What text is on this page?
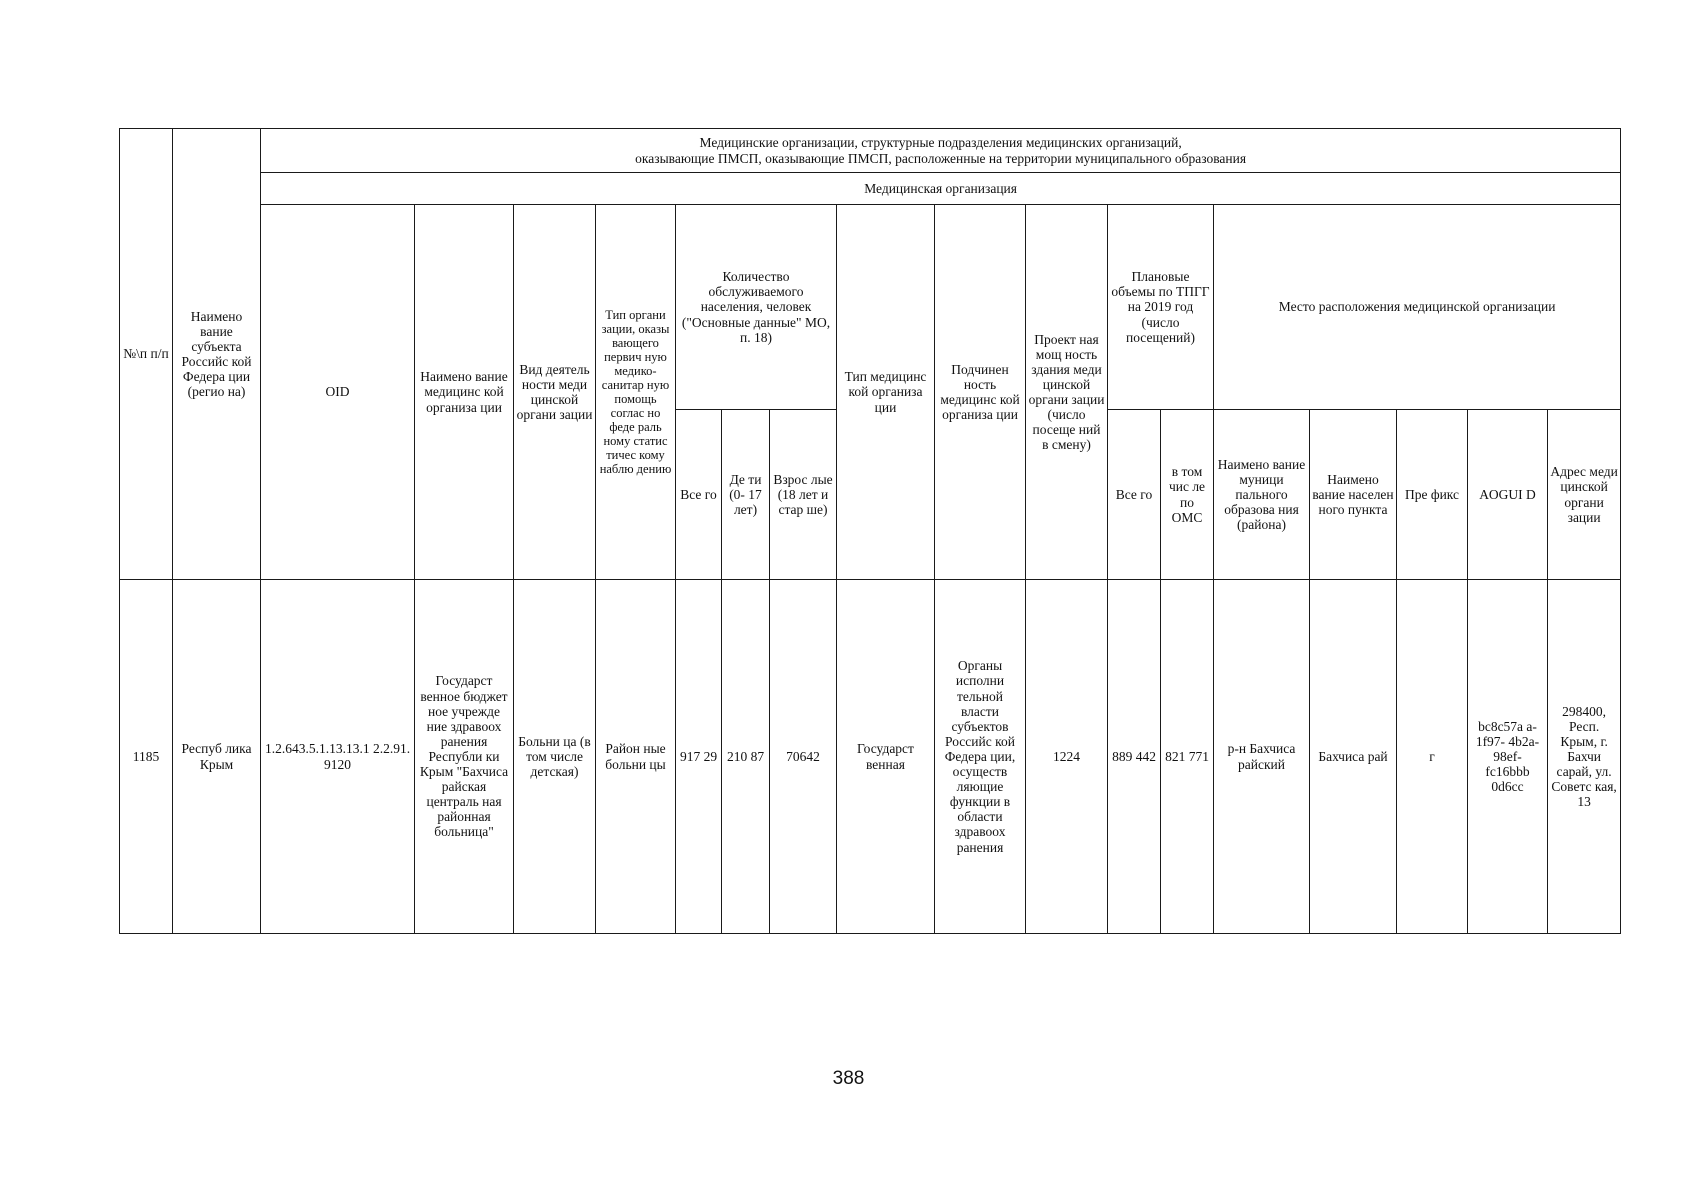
№\п п/п	Наимено вание субъекта Российс кой Федера ции (регио на)	Медицинские организации, структурные подразделения медицинских организаций,
оказывающие ПМСП, оказывающие ПМСП, расположенные на территории муниципального образования																

		Медицинская организация																
		OID	Наимено вание медицинс кой организа ции	Вид деятель ности меди цинской органи зации	Тип органи зации, оказы вающего первич ную медико- санитар ную помощь соглас но феде раль ному статис тичес кому наблю дению	Количество обслуживаемого населения, человек ("Основные данные" МО, п. 18)			Тип медицинс кой организа ции	Подчинен ность медицинс кой организа ции	Проект ная мощ ность здания меди цинской органи зации (число посеще ний в смену)	Плановые объемы по ТПГГ на 2019 год (число посещений)		Место расположения медицинской организации				
						Все го	Де ти (0- 17 лет)	Взрос лые (18 лет и стар ше)				Все го	в том чис ле по ОМС	Наимено вание муници пального образова ния (района)	Наимено вание населен ного пункта	Пре фикс	AOGUI D	Адрес меди цинской органи зации
1185	Респуб лика Крым	1.2.643.5.1.13.13.1 2.2.91.9120	Государст венное бюджет ное учрежде ние здравоох ранения Республи ки Крым "Бахчиса райская централь ная районная больница"	Больни ца (в том числе детская)	Район ные больни цы	917 29	210 87	70642	Государст венная	Органы исполни тельной власти субъектов Российс кой Федера ции, осуществ ляющие функции в области здравоох ранения	1224	889 442	821 771	р-н Бахчиса райский	Бахчиса рай	г	bc8c57a a-1f97- 4b2a- 98ef- fc16bbb 0d6cc	298400, Респ. Крым, г. Бахчи сарай, ул. Советс кая, 13
388
